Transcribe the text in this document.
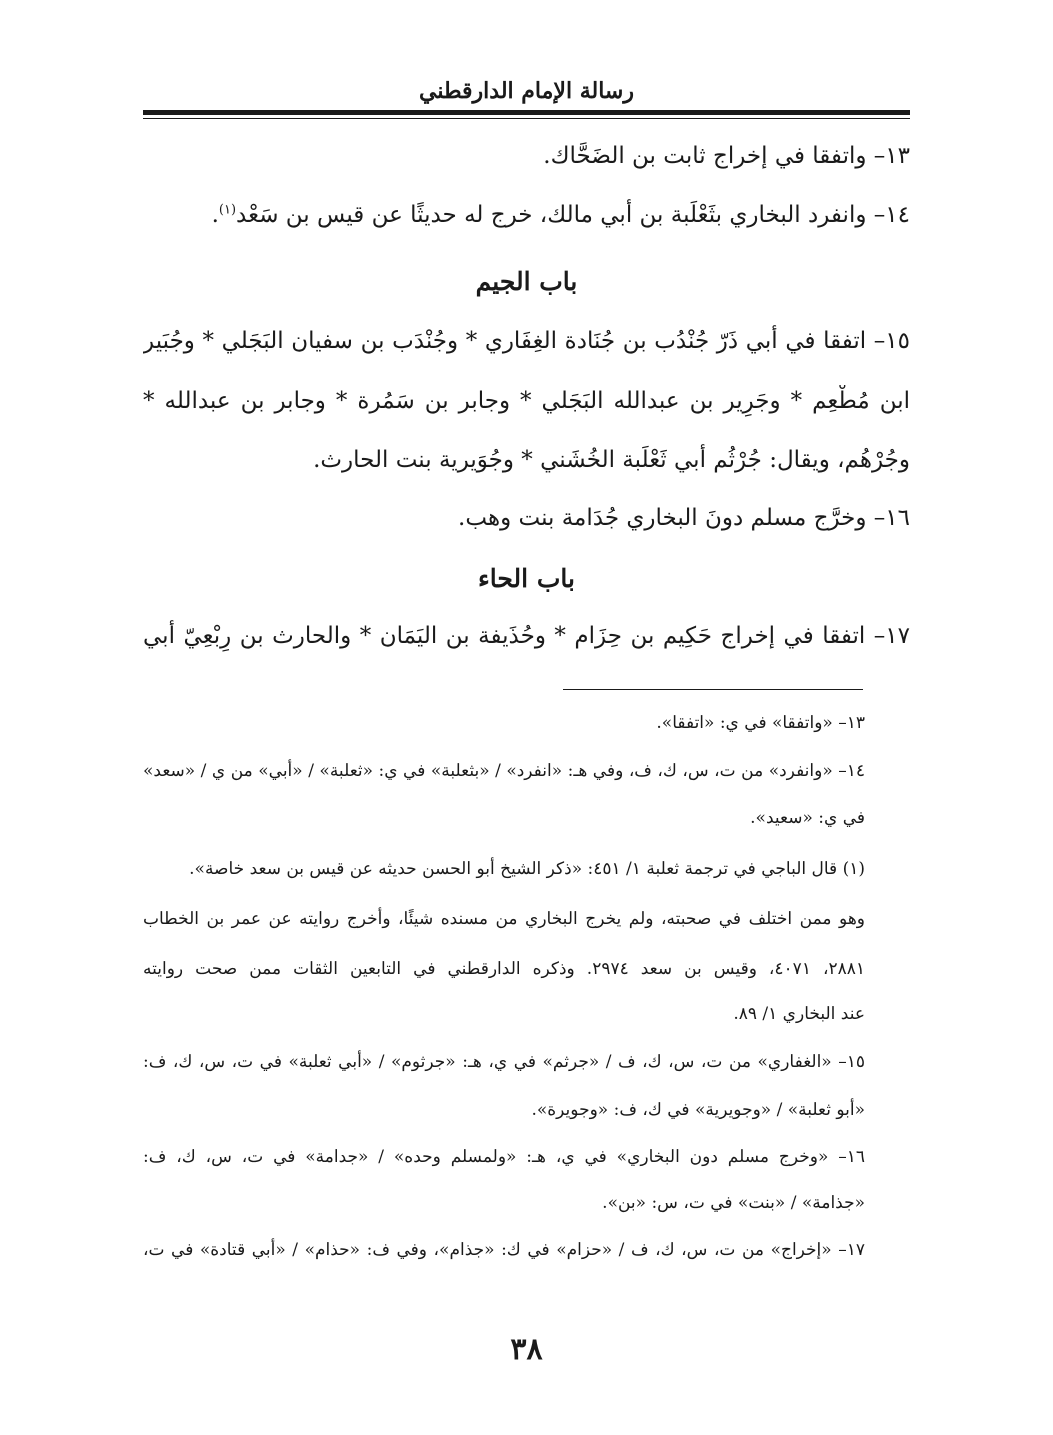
رسالة الإمام الدارقطني
١٣– واتفقا في إخراج ثابت بن الضَحَّاك.
١٤– وانفرد البخاري بثَعْلَبة بن أبي مالك، خرج له حديثًا عن قيس بن سَعْد$^{(١)}$.
باب الجيم
١٥– اتفقا في أبي ذَرّ جُنْدُب بن جُنَادة الغِفَاري * وجُنْدَب بن سفيان البَجَلي * وجُبَير
ابن مُطْعِم * وجَرِير بن عبدالله البَجَلي * وجابر بن سَمُرة * وجابر بن عبدالله *
وجُرْهُم، ويقال: جُرْثُم أبي ثَعْلَبة الخُشَني * وجُوَيرية بنت الحارث.
١٦– وخرَّج مسلم دونَ البخاري جُدَامة بنت وهب.
باب الحاء
١٧– اتفقا في إخراج حَكِيم بن حِزَام * وحُذَيفة بن اليَمَان * والحارث بن رِبْعِيّ أبي
١٣– «واتفقا» في ي: «اتفقا».
١٤– «وانفرد» من ت، س، ك، ف، وفي هـ: «انفرد» / «بثعلبة» في ي: «ثعلبة» / «أبي» من ي / «سعد»
في ي: «سعيد».
(١) قال الباجي في ترجمة ثعلبة ١/ ٤٥١: «ذكر الشيخ أبو الحسن حديثه عن قيس بن سعد خاصة».
وهو ممن اختلف في صحبته، ولم يخرج البخاري من مسنده شيئًا، وأخرج روايته عن عمر بن الخطاب
٢٨٨١، ٤٠٧١، وقيس بن سعد ٢٩٧٤. وذكره الدارقطني في التابعين الثقات ممن صحت روايته
عند البخاري ١/ ٨٩.
١٥– «الغفاري» من ت، س، ك، ف / «جرثم» في ي، هـ: «جرثوم» / «أبي ثعلبة» في ت، س، ك، ف:
«أبو ثعلبة» / «وجويرية» في ك، ف: «وجويرة».
١٦– «وخرج مسلم دون البخاري» في ي، هـ: «ولمسلم وحده» / «جدامة» في ت، س، ك، ف:
«جذامة» / «بنت» في ت، س: «بن».
١٧– «إخراج» من ت، س، ك، ف / «حزام» في ك: «جذام»، وفي ف: «حذام» / «أبي قتادة» في ت،
٣٨
